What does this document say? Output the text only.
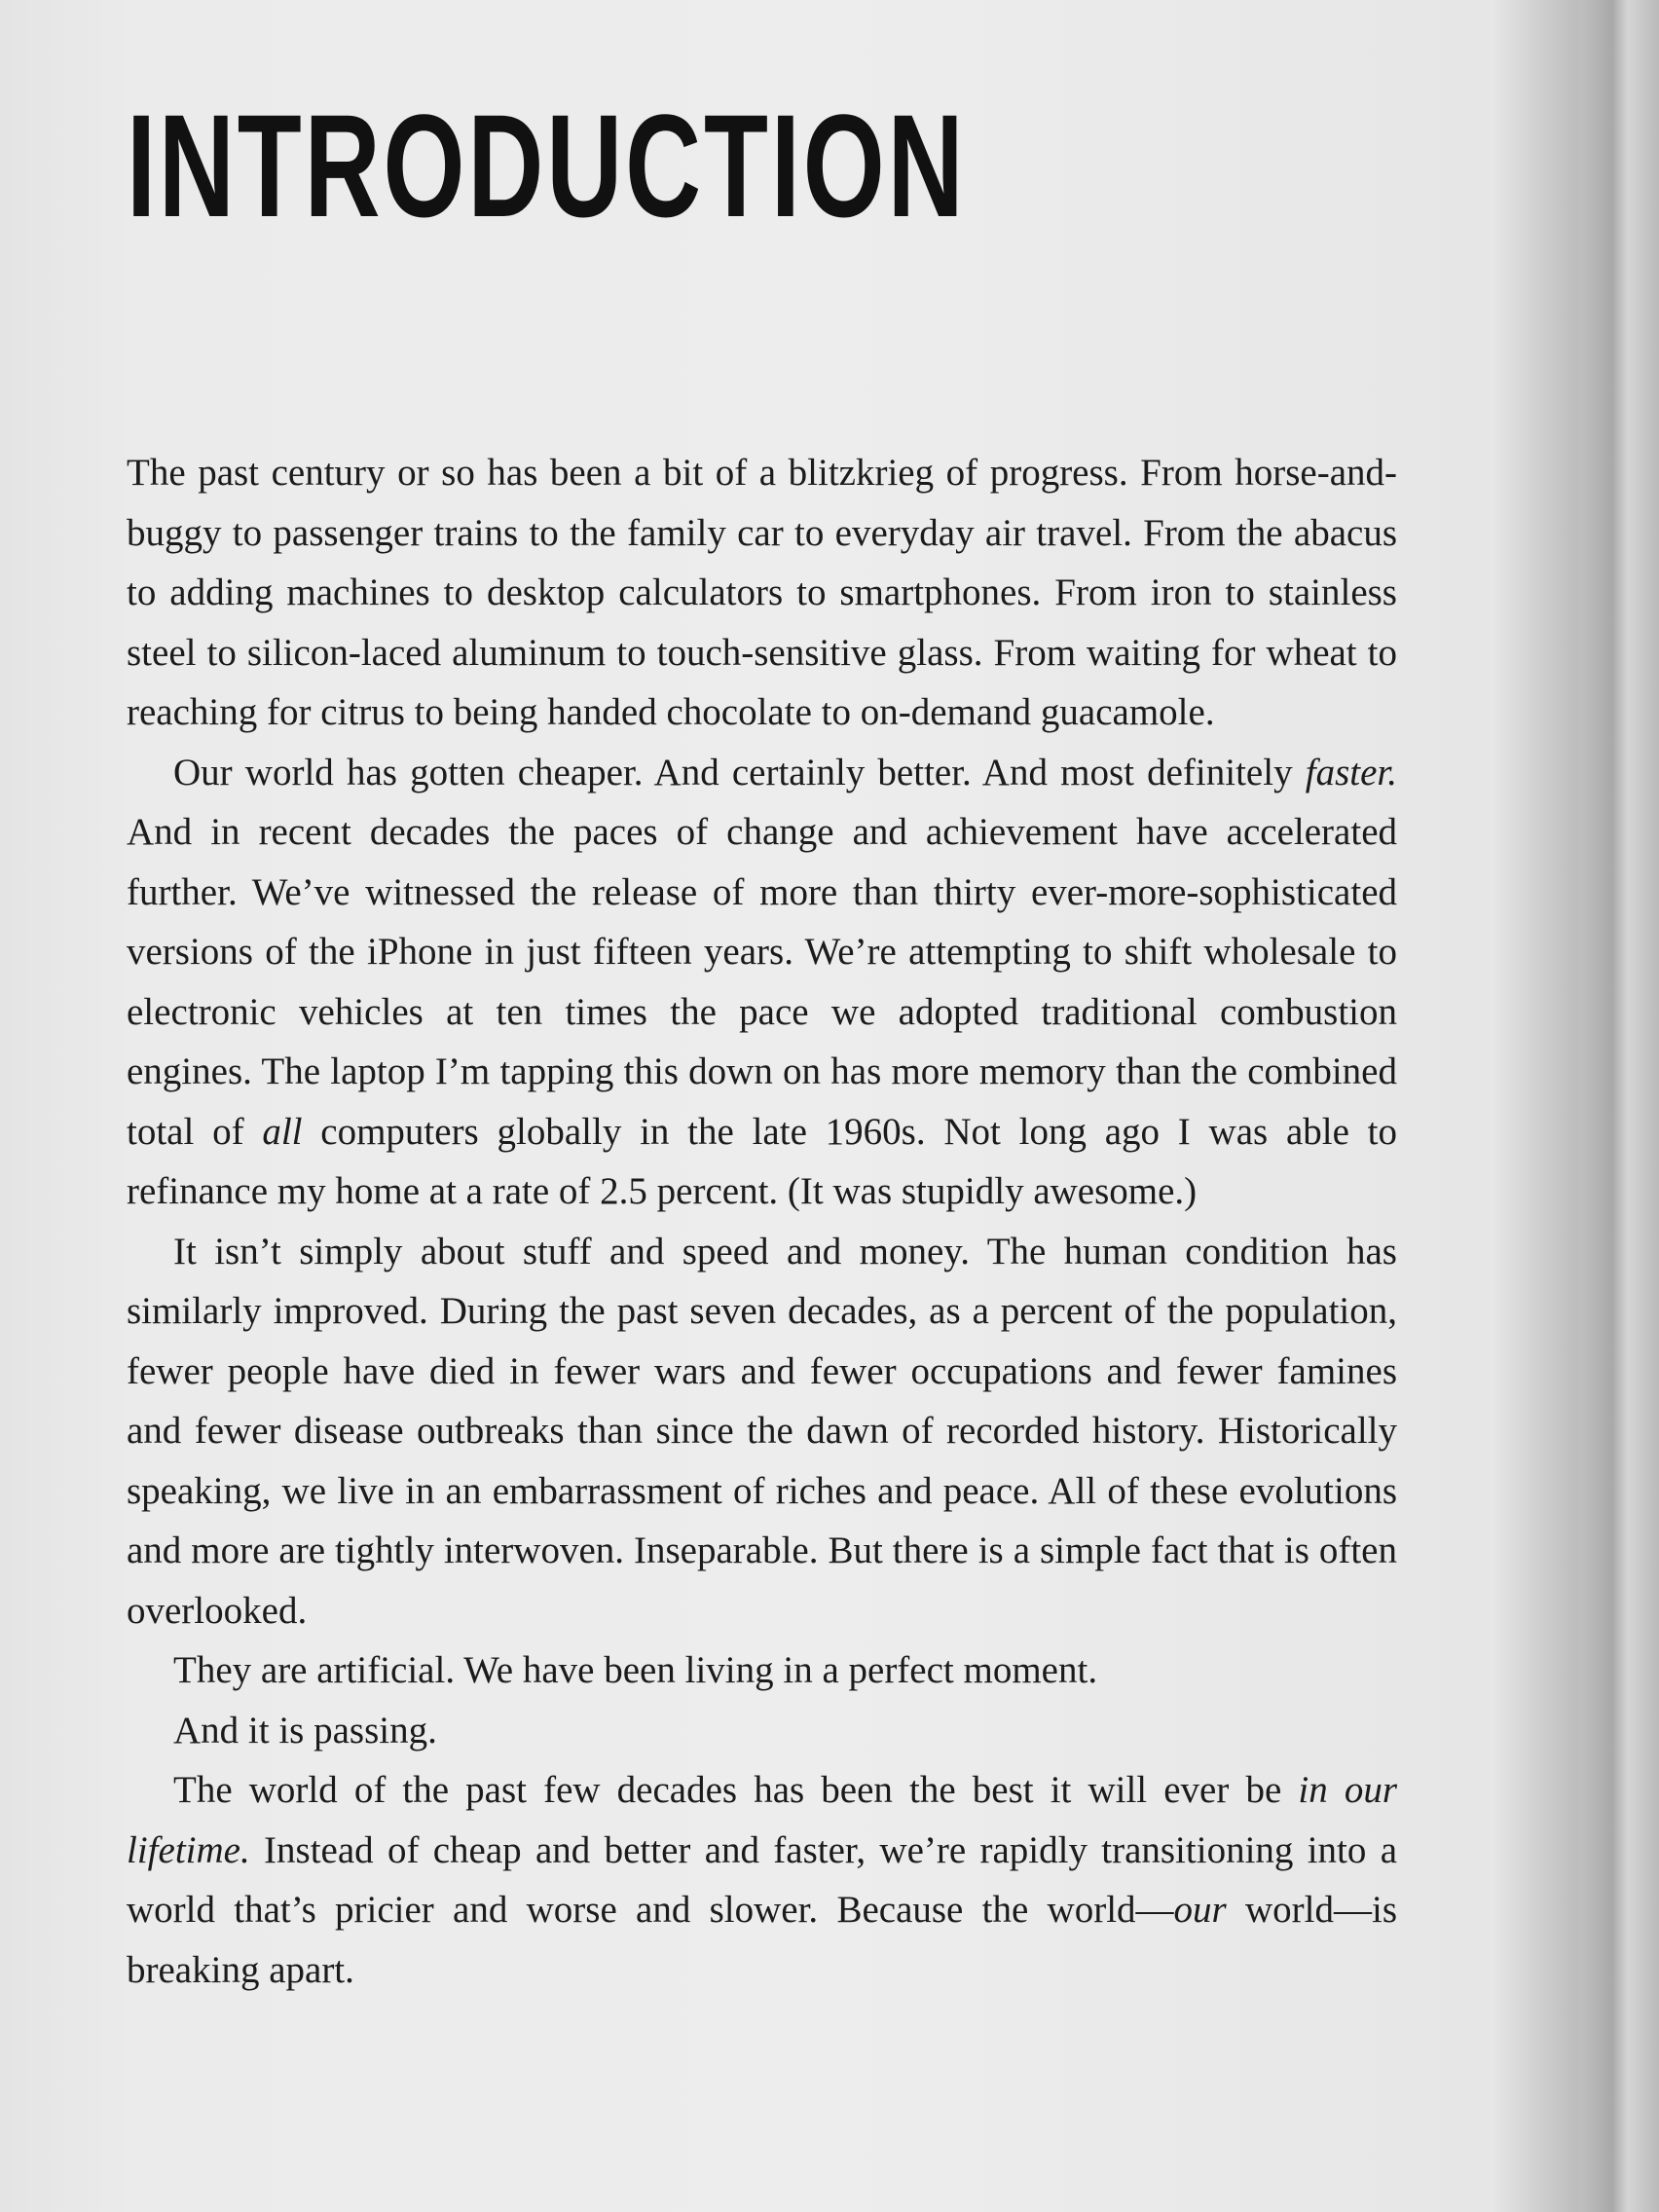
INTRODUCTION

The past century or so has been a bit of a blitzkrieg of progress. From horse-and-buggy to passenger trains to the family car to everyday air travel. From the abacus to adding machines to desktop calculators to smartphones. From iron to stainless steel to silicon-laced aluminum to touch-sensitive glass. From waiting for wheat to reaching for citrus to being handed chocolate to on-demand guacamole.

Our world has gotten cheaper. And certainly better. And most definitely faster. And in recent decades the paces of change and achievement have accelerated further. We’ve witnessed the release of more than thirty ever-more-sophisticated versions of the iPhone in just fifteen years. We’re attempting to shift wholesale to electronic vehicles at ten times the pace we adopted traditional combustion engines. The laptop I’m tapping this down on has more memory than the combined total of all computers globally in the late 1960s. Not long ago I was able to refinance my home at a rate of 2.5 percent. (It was stupidly awesome.)

It isn’t simply about stuff and speed and money. The human condition has similarly improved. During the past seven decades, as a percent of the population, fewer people have died in fewer wars and fewer occupations and fewer famines and fewer disease outbreaks than since the dawn of recorded history. Historically speaking, we live in an embarrassment of riches and peace. All of these evolutions and more are tightly interwoven. Inseparable. But there is a simple fact that is often overlooked.

They are artificial. We have been living in a perfect moment.

And it is passing.

The world of the past few decades has been the best it will ever be in our lifetime. Instead of cheap and better and faster, we’re rapidly transitioning into a world that’s pricier and worse and slower. Because the world—our world—is breaking apart.
